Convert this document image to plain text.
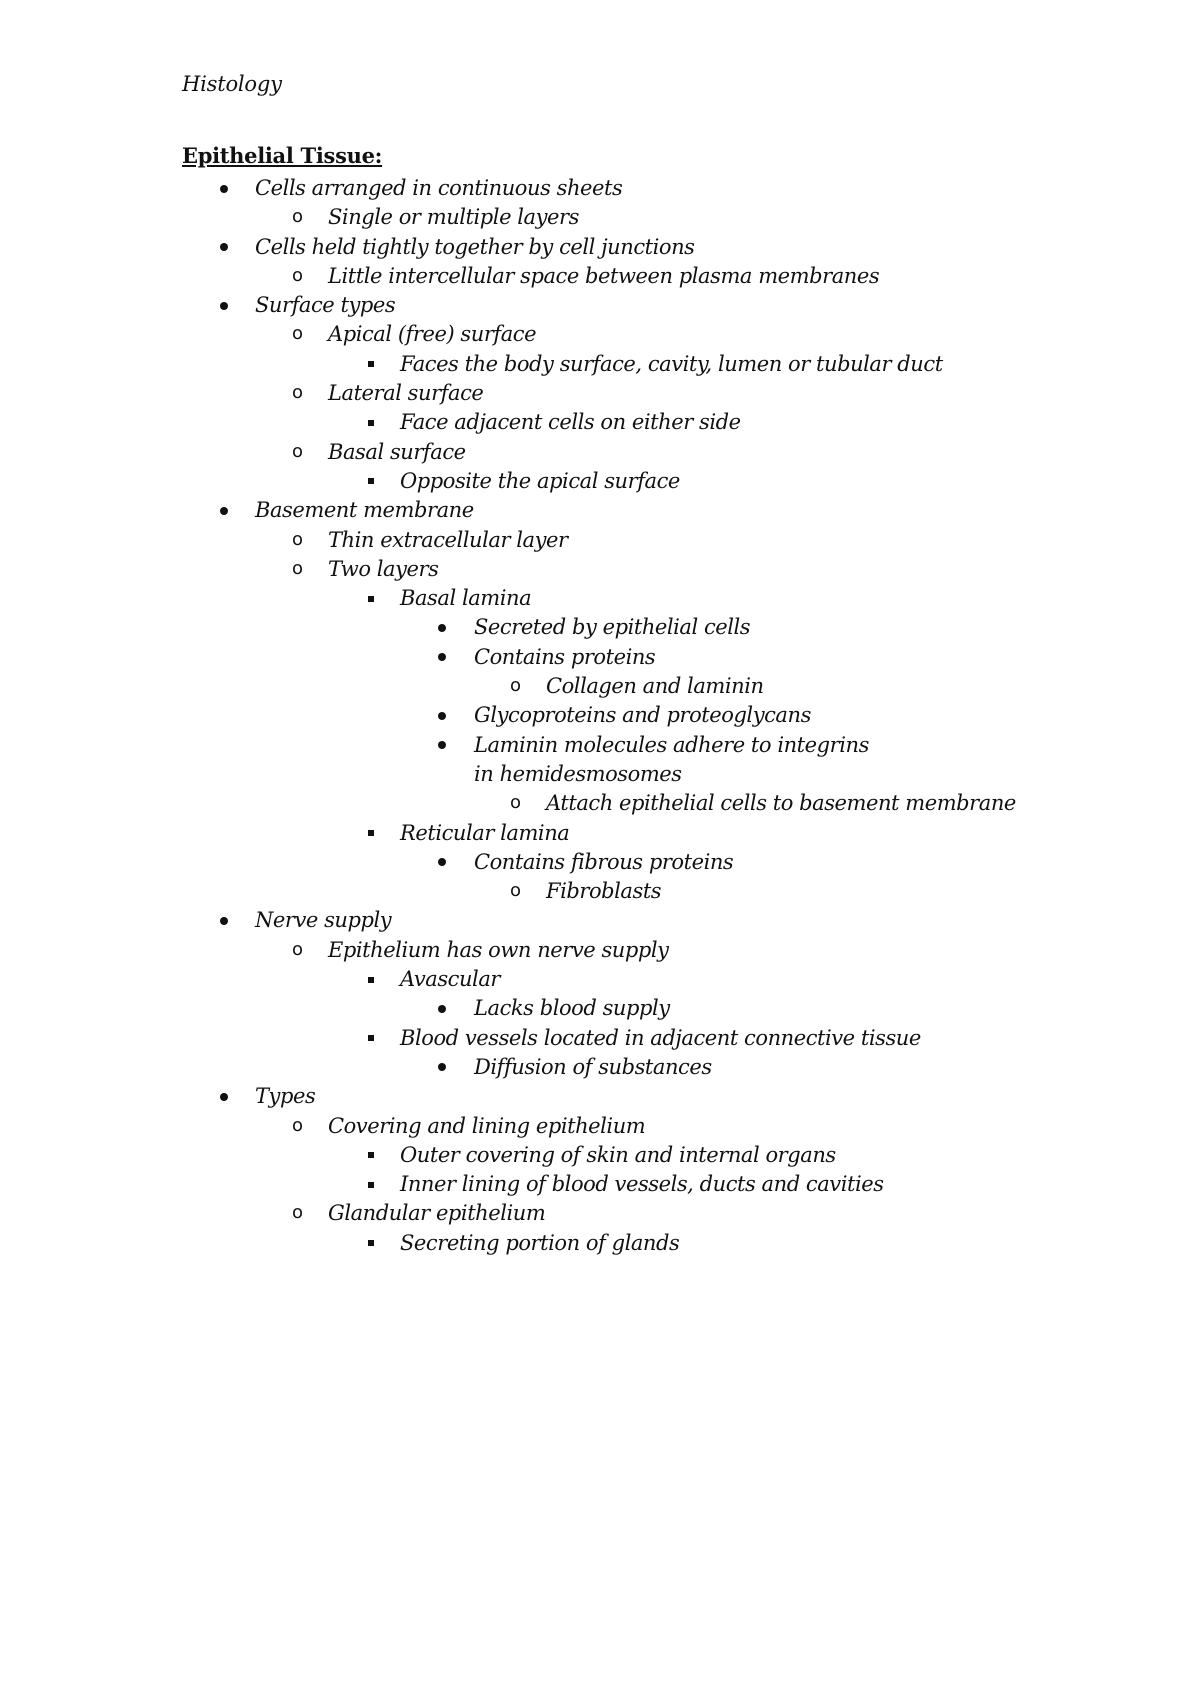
Histology
Epithelial Tissue:
Cells arranged in continuous sheets
o Single or multiple layers
Cells held tightly together by cell junctions
o Little intercellular space between plasma membranes
Surface types
o Apical (free) surface
Faces the body surface, cavity, lumen or tubular duct
o Lateral surface
Face adjacent cells on either side
o Basal surface
Opposite the apical surface
Basement membrane
o Thin extracellular layer
o Two layers
Basal lamina
Secreted by epithelial cells
Contains proteins
o Collagen and laminin
Glycoproteins and proteoglycans
Laminin molecules adhere to integrins in hemidesmosomes
o Attach epithelial cells to basement membrane
Reticular lamina
Contains fibrous proteins
o Fibroblasts
Nerve supply
o Epithelium has own nerve supply
Avascular
Lacks blood supply
Blood vessels located in adjacent connective tissue
Diffusion of substances
Types
o Covering and lining epithelium
Outer covering of skin and internal organs
Inner lining of blood vessels, ducts and cavities
o Glandular epithelium
Secreting portion of glands
